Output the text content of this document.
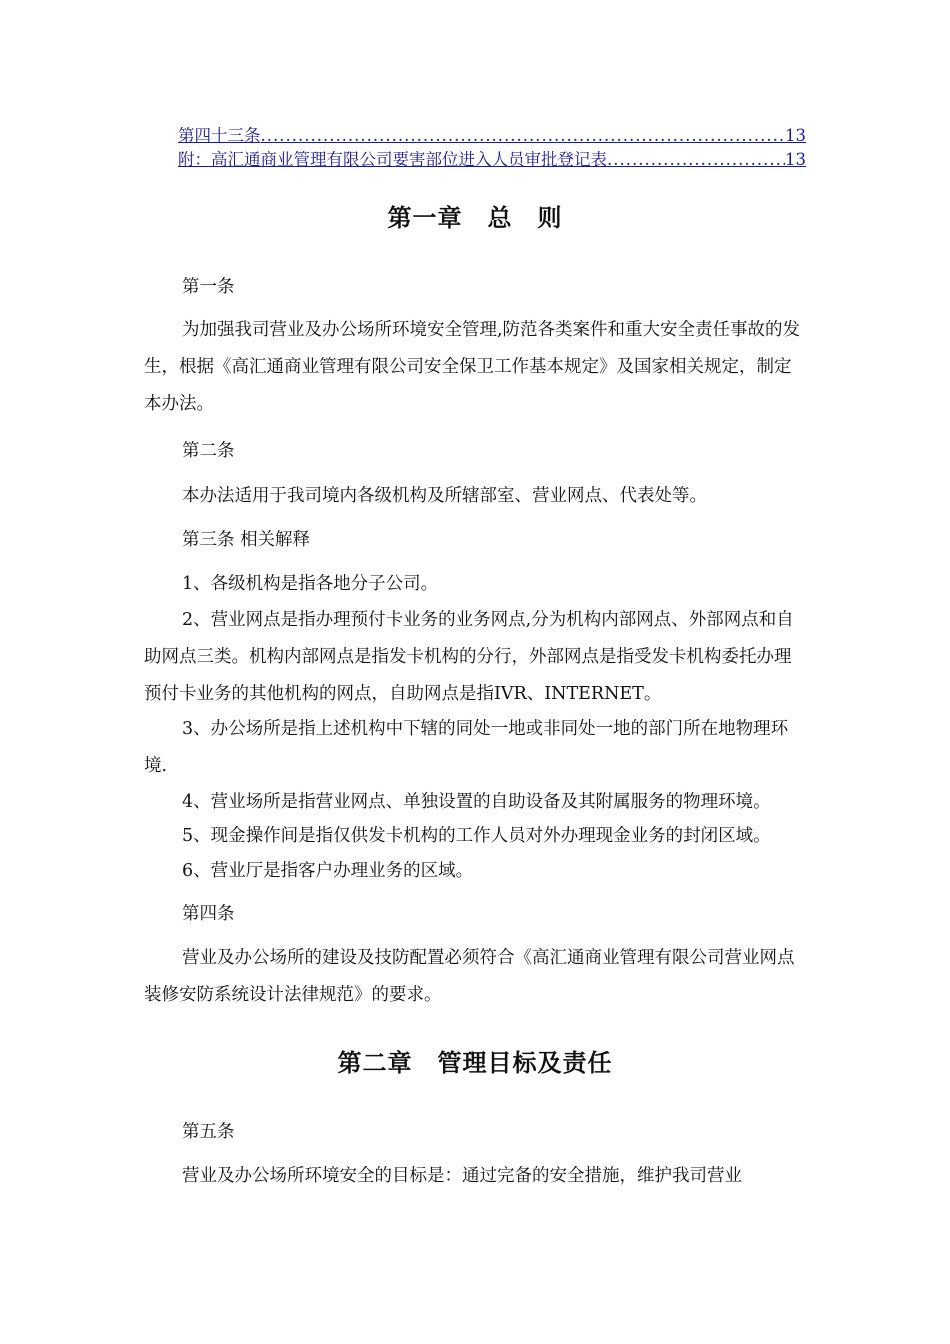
第四十三条 .....	13
附：高汇通商业管理有限公司要害部位进入人员审批登记表 .....	13
第一章　总　则

第一条

为加强我司营业及办公场所环境安全管理,防范各类案件和重大安全责任事故的发生，根据《高汇通商业管理有限公司安全保卫工作基本规定》及国家相关规定，制定本办法。

第二条

本办法适用于我司境内各级机构及所辖部室、营业网点、代表处等。

第三条 相关解释

1、各级机构是指各地分子公司。

2、营业网点是指办理预付卡业务的业务网点,分为机构内部网点、外部网点和自助网点三类。机构内部网点是指发卡机构的分行，外部网点是指受发卡机构委托办理预付卡业务的其他机构的网点，自助网点是指IVR、INTERNET。

3、办公场所是指上述机构中下辖的同处一地或非同处一地的部门所在地物理环境.

4、营业场所是指营业网点、单独设置的自助设备及其附属服务的物理环境。

5、现金操作间是指仅供发卡机构的工作人员对外办理现金业务的封闭区域。

6、营业厅是指客户办理业务的区域。

第四条

营业及办公场所的建设及技防配置必须符合《高汇通商业管理有限公司营业网点装修安防系统设计法律规范》的要求。

第二章　管理目标及责任

第五条

营业及办公场所环境安全的目标是：通过完备的安全措施，维护我司营业
